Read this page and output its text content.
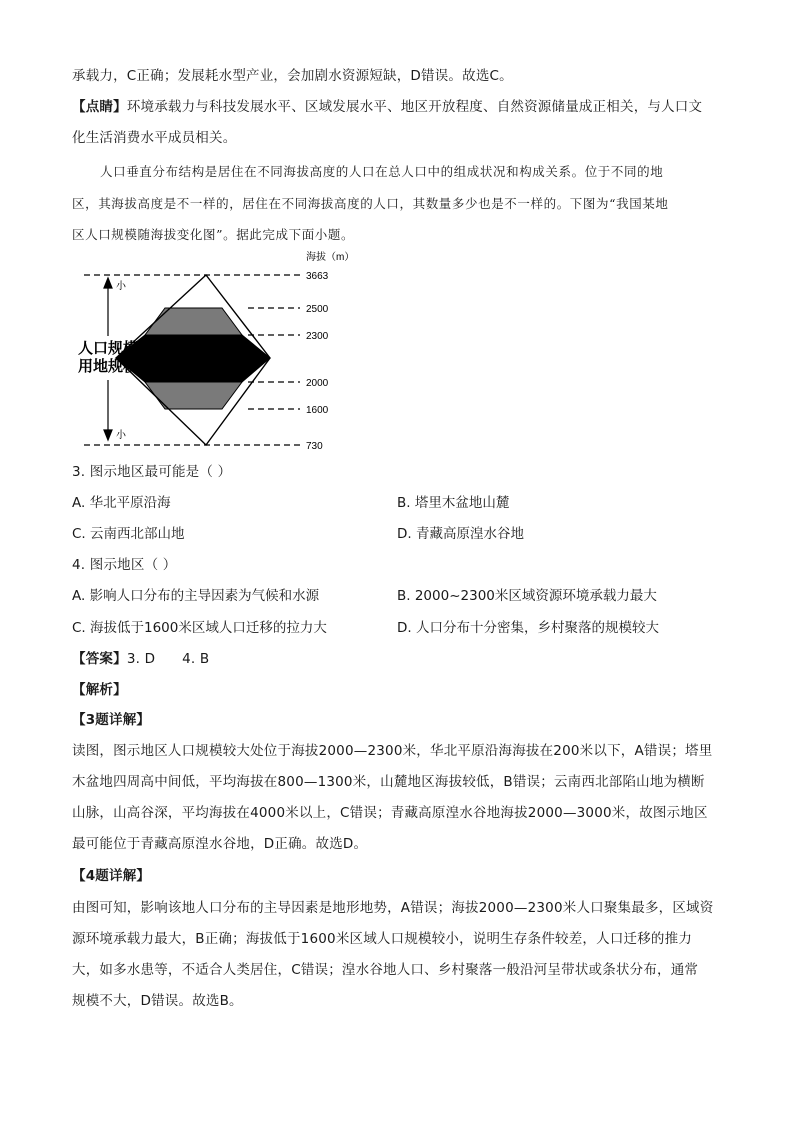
承载力，C正确；发展耗水型产业，会加剧水资源短缺，D错误。故选C。
【点睛】环境承载力与科技发展水平、区域发展水平、地区开放程度、自然资源储量成正相关，与人口文
化生活消费水平成员相关。
人口垂直分布结构是居住在不同海拔高度的人口在总人口中的组成状况和构成关系。位于不同的地
区，其海拔高度是不一样的，居住在不同海拔高度的人口，其数量多少也是不一样的。下图为“我国某地
区人口规模随海拔变化图”。据此完成下面小题。
小
小
人口规模
用地规模
海拔（m）
3663
2500
2300
2000
1600
730
3. 图示地区最可能是（ ）
A. 华北平原沿海	B. 塔里木盆地山麓
C. 云南西北部山地	D. 青藏高原湟水谷地
4. 图示地区（ ）
A. 影响人口分布的主导因素为气候和水源	B. 2000~2300米区域资源环境承载力最大
C. 海拔低于1600米区域人口迁移的拉力大	D. 人口分布十分密集，乡村聚落的规模较大
【答案】3. D      4. B
【解析】
【3题详解】
读图，图示地区人口规模较大处位于海拔2000—2300米，华北平原沿海海拔在200米以下，A错误；塔里
木盆地四周高中间低，平均海拔在800—1300米，山麓地区海拔较低，B错误；云南西北部陷山地为横断
山脉，山高谷深，平均海拔在4000米以上，C错误；青藏高原湟水谷地海拔2000—3000米，故图示地区
最可能位于青藏高原湟水谷地，D正确。故选D。
【4题详解】
由图可知，影响该地人口分布的主导因素是地形地势，A错误；海拔2000—2300米人口聚集最多，区域资
源环境承载力最大，B正确；海拔低于1600米区域人口规模较小，说明生存条件较差，人口迁移的推力
大，如多水患等，不适合人类居住，C错误；湟水谷地人口、乡村聚落一般沿河呈带状或条状分布，通常
规模不大，D错误。故选B。
